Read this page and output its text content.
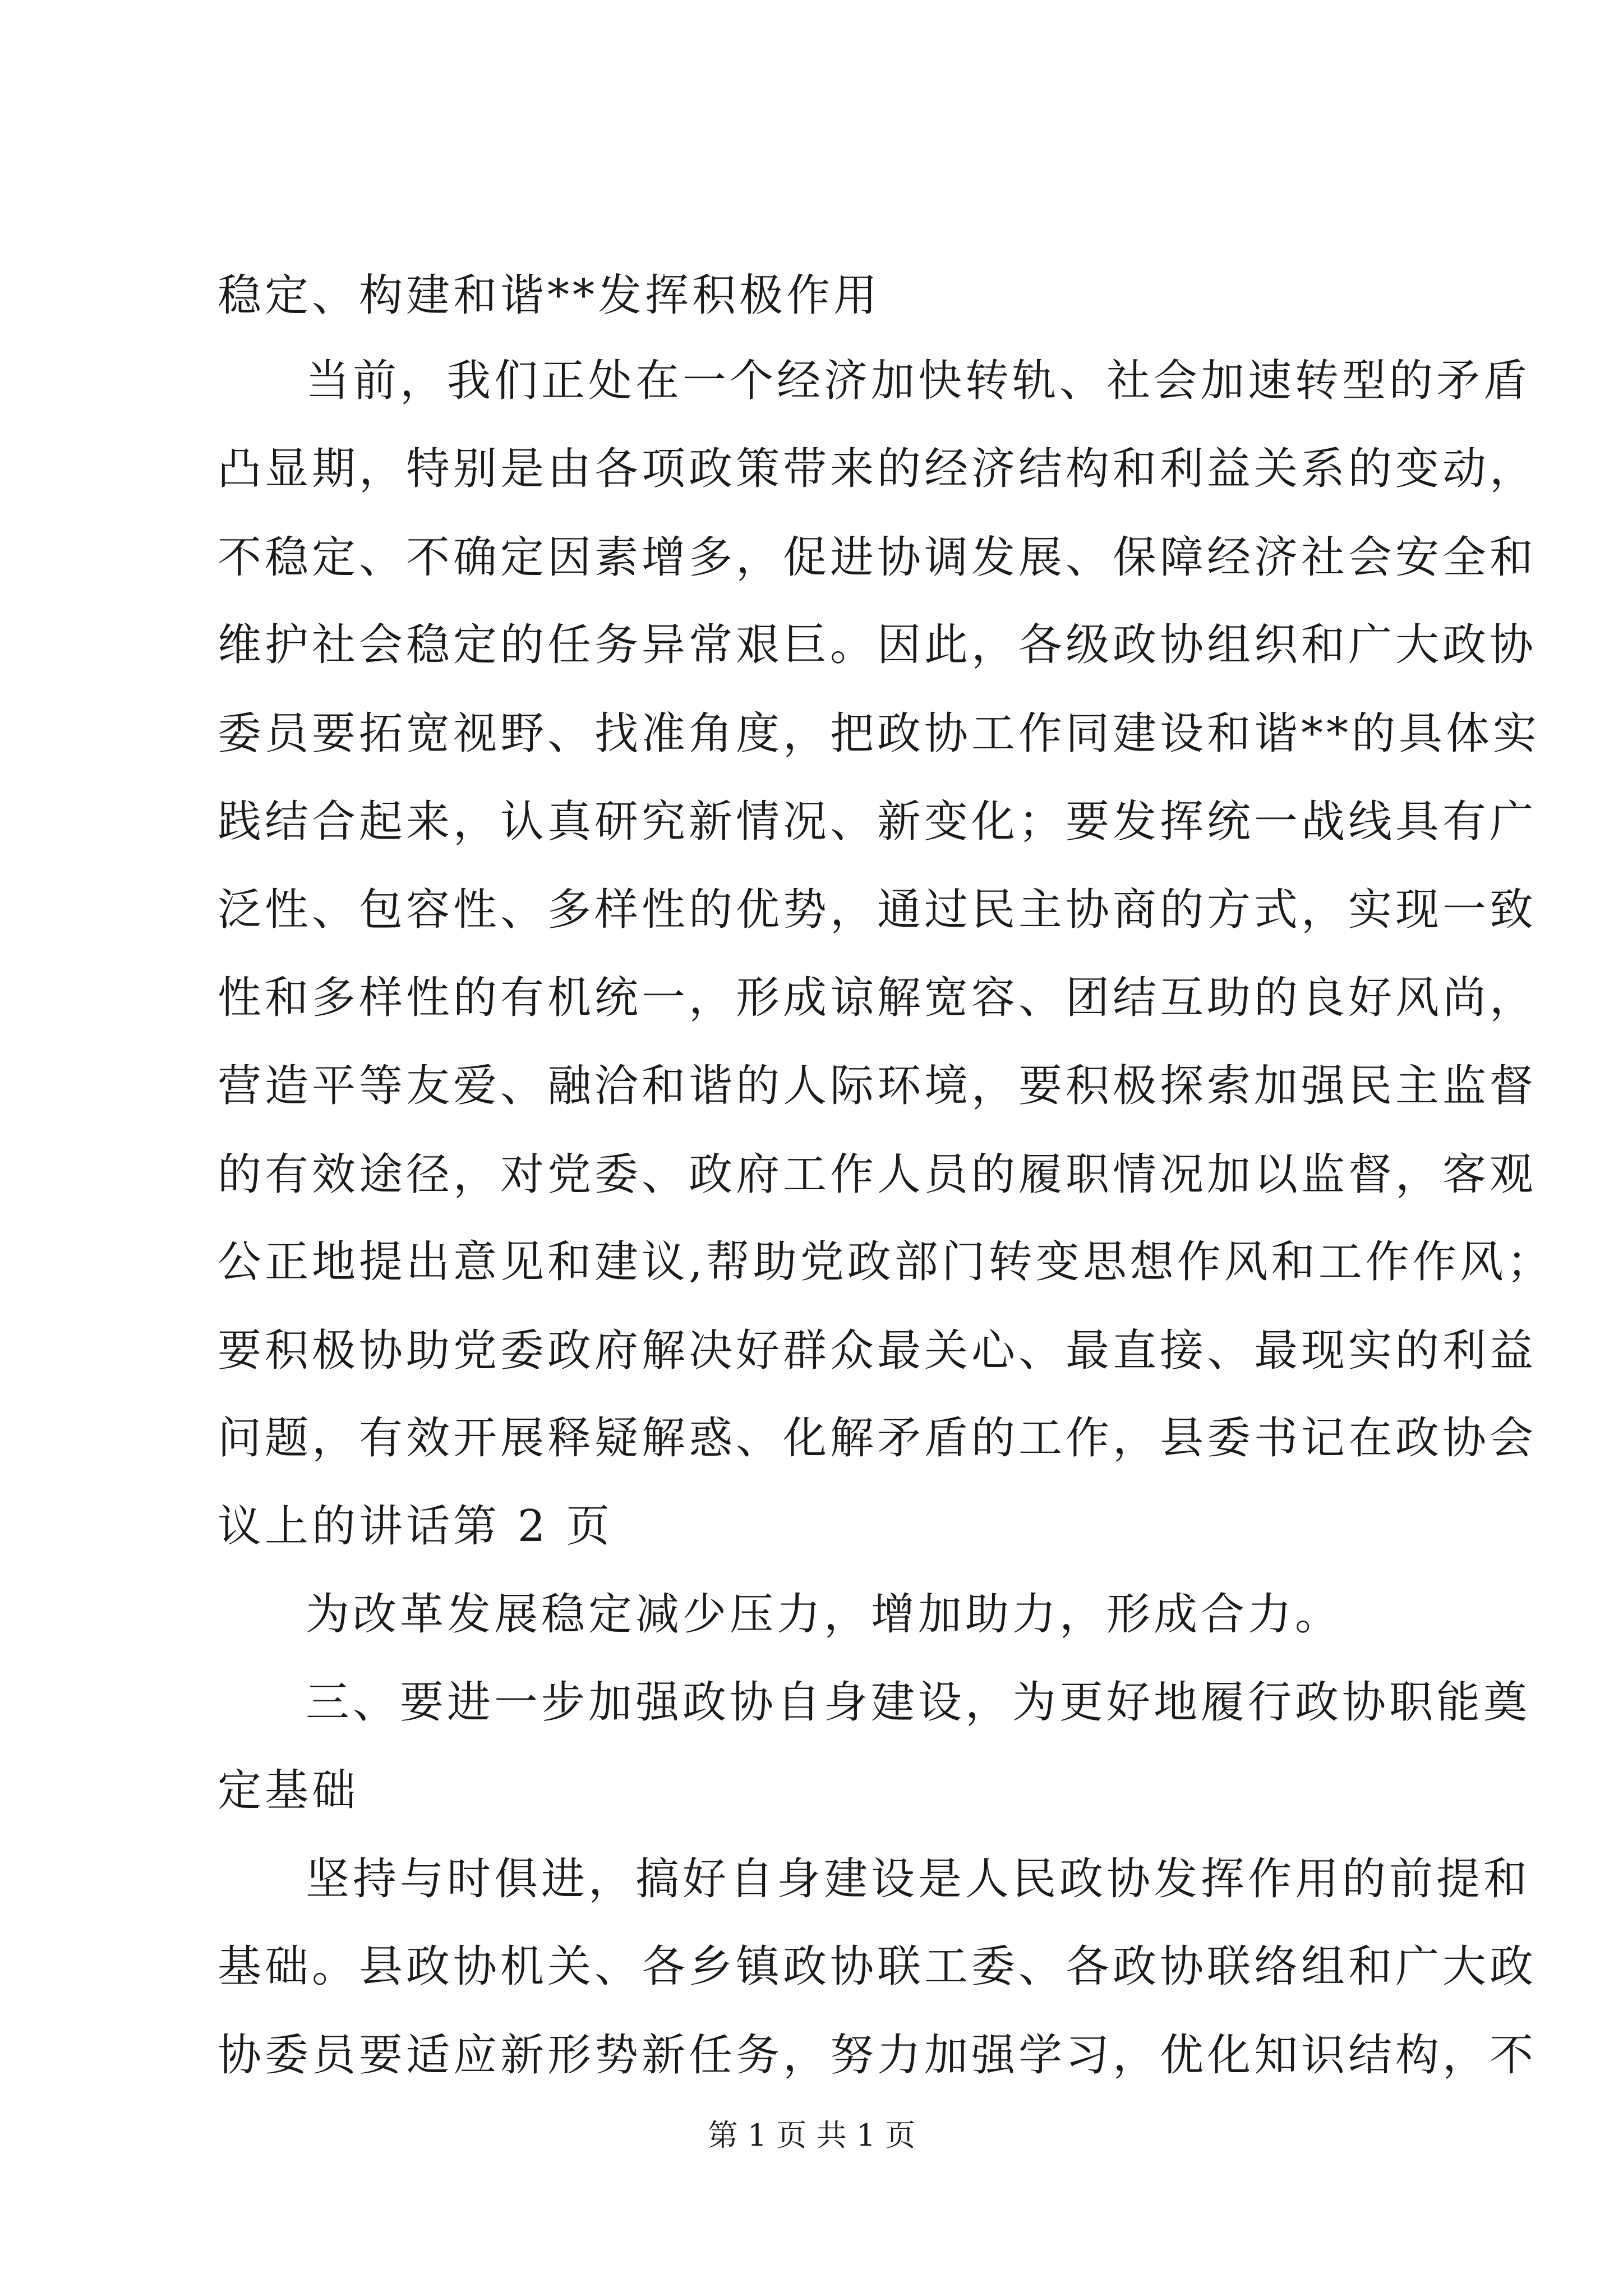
稳定、构建和谐**发挥积极作用
当前，我们正处在一个经济加快转轨、社会加速转型的矛盾
凸显期，特别是由各项政策带来的经济结构和利益关系的变动，
不稳定、不确定因素增多，促进协调发展、保障经济社会安全和
维护社会稳定的任务异常艰巨。因此，各级政协组织和广大政协
委员要拓宽视野、找准角度，把政协工作同建设和谐**的具体实
践结合起来，认真研究新情况、新变化；要发挥统一战线具有广
泛性、包容性、多样性的优势，通过民主协商的方式，实现一致
性和多样性的有机统一，形成谅解宽容、团结互助的良好风尚，
营造平等友爱、融洽和谐的人际环境，要积极探索加强民主监督
的有效途径，对党委、政府工作人员的履职情况加以监督，客观
公正地提出意见和建议,帮助党政部门转变思想作风和工作作风；
要积极协助党委政府解决好群众最关心、最直接、最现实的利益
问题，有效开展释疑解惑、化解矛盾的工作，县委书记在政协会
议上的讲话第 2 页
为改革发展稳定减少压力，增加助力，形成合力。
三、要进一步加强政协自身建设，为更好地履行政协职能奠
定基础
坚持与时俱进，搞好自身建设是人民政协发挥作用的前提和
基础。县政协机关、各乡镇政协联工委、各政协联络组和广大政
协委员要适应新形势新任务，努力加强学习，优化知识结构，不
第 1 页 共 1 页
